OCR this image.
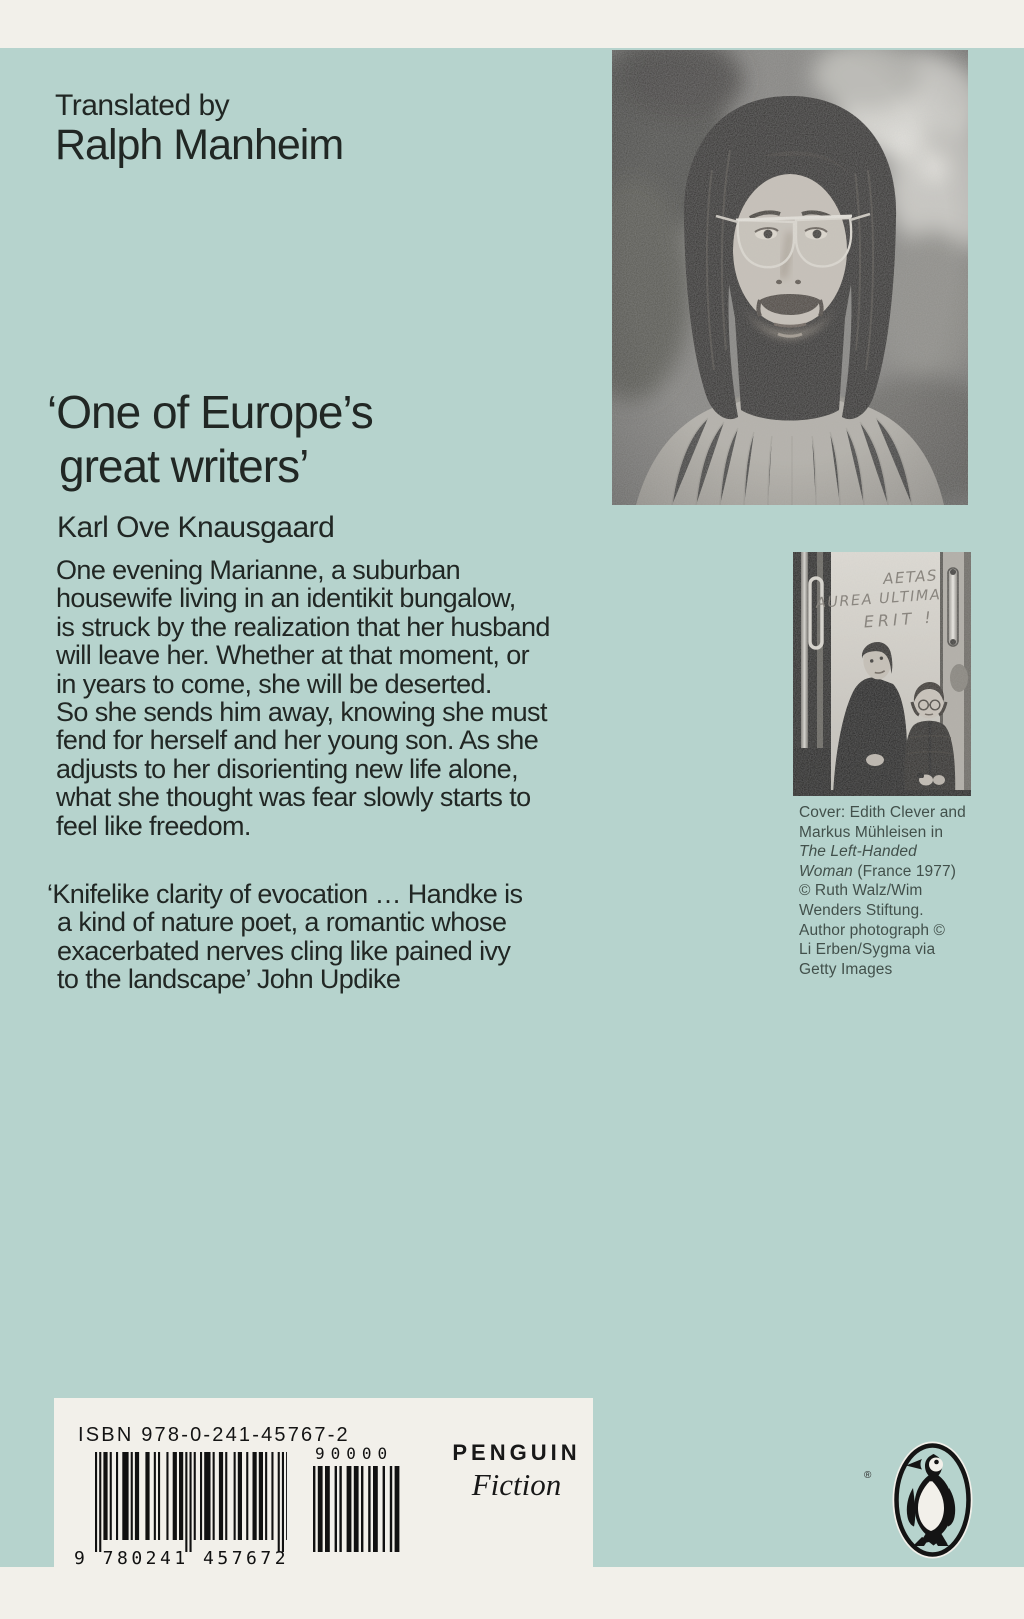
Translated by
Ralph Manheim
‘One of Europe’s
great writers’
Karl Ove Knausgaard
One evening Marianne, a suburban
housewife living in an identikit bungalow,
is struck by the realization that her husband
will leave her. Whether at that moment, or
in years to come, she will be deserted.
So she sends him away, knowing she must
fend for herself and her young son. As she
adjusts to her disorienting new life alone,
what she thought was fear slowly starts to
feel like freedom.
‘Knifelike clarity of evocation … Handke is
a kind of nature poet, a romantic whose
exacerbated nerves cling like pained ivy
to the landscape’ John Updike
AETAS
AUREA ULTIMA
ERIT !
Cover: Edith Clever and
Markus Mühleisen in
The Left-Handed
Woman (France 1977)
© Ruth Walz/Wim
Wenders Stiftung.
Author photograph ©
Li Erben/Sygma via
Getty Images
ISBN 978-0-241-45767-2
9 780241 457672
90000	PENGUIN
Fiction	®
